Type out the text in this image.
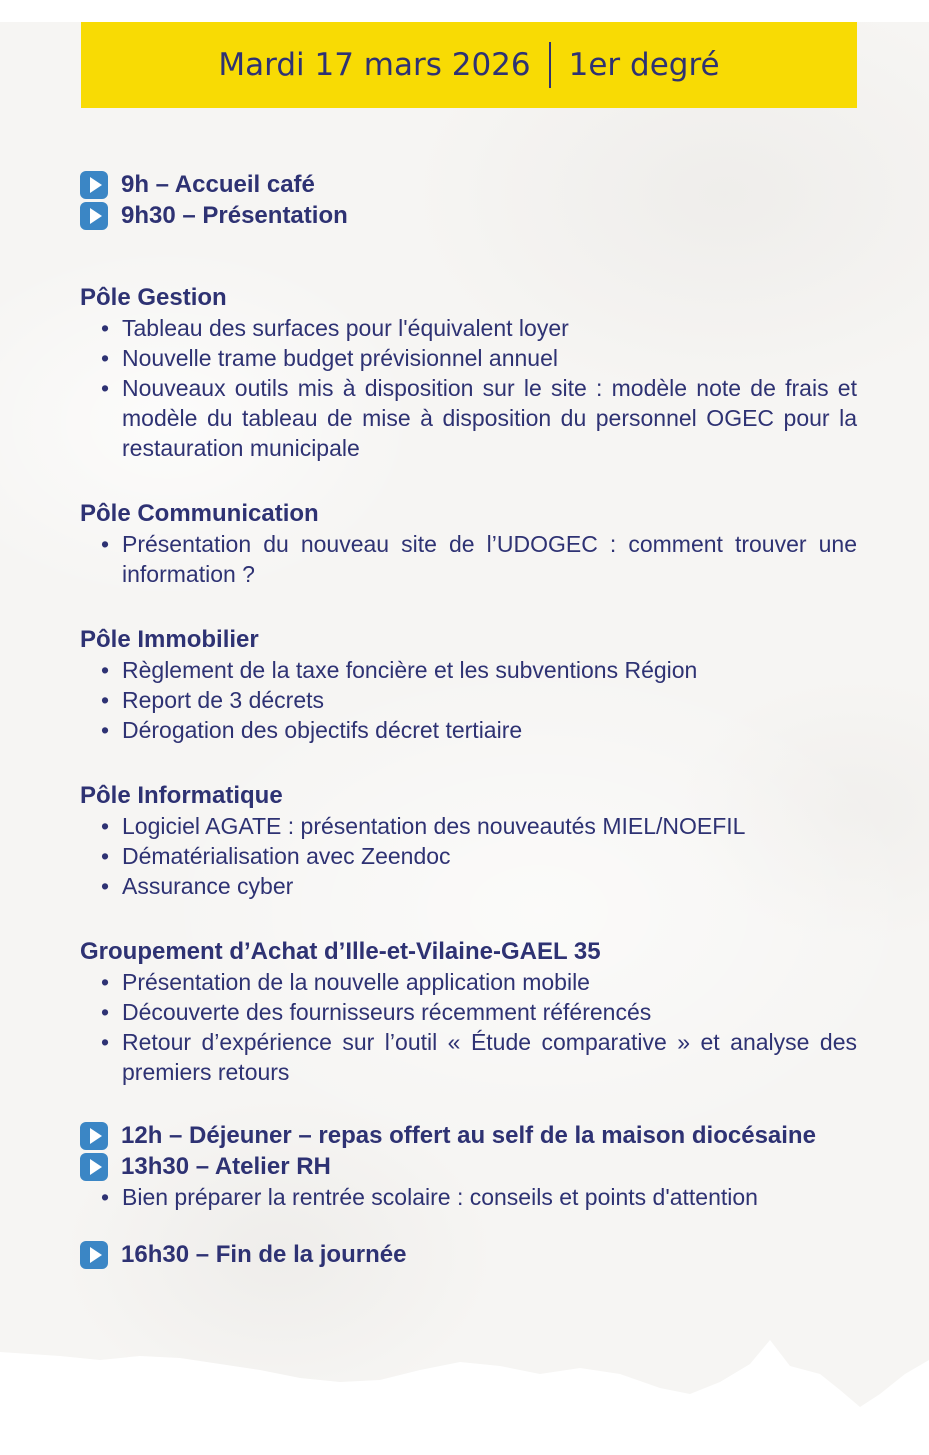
Mardi 17 mars 2026 1er degré
9h – Accueil café
9h30 – Présentation
Pôle Gestion
• Tableau des surfaces pour l'équivalent loyer
• Nouvelle trame budget prévisionnel annuel
• Nouveaux outils mis à disposition sur le site : modèle note de frais et modèle du tableau de mise à disposition du personnel OGEC pour la restauration municipale
Pôle Communication
• Présentation du nouveau site de l’UDOGEC : comment trouver une information ?
Pôle Immobilier
• Règlement de la taxe foncière et les subventions Région
• Report de 3 décrets
• Dérogation des objectifs décret tertiaire
Pôle Informatique
• Logiciel AGATE : présentation des nouveautés MIEL/NOEFIL
• Dématérialisation avec Zeendoc
• Assurance cyber
Groupement d’Achat d’Ille-et-Vilaine-GAEL 35
• Présentation de la nouvelle application mobile
• Découverte des fournisseurs récemment référencés
• Retour d’expérience sur l’outil « Étude comparative » et analyse des premiers retours
12h – Déjeuner – repas offert au self de la maison diocésaine
13h30 – Atelier RH
• Bien préparer la rentrée scolaire : conseils et points d'attention
16h30 – Fin de la journée
